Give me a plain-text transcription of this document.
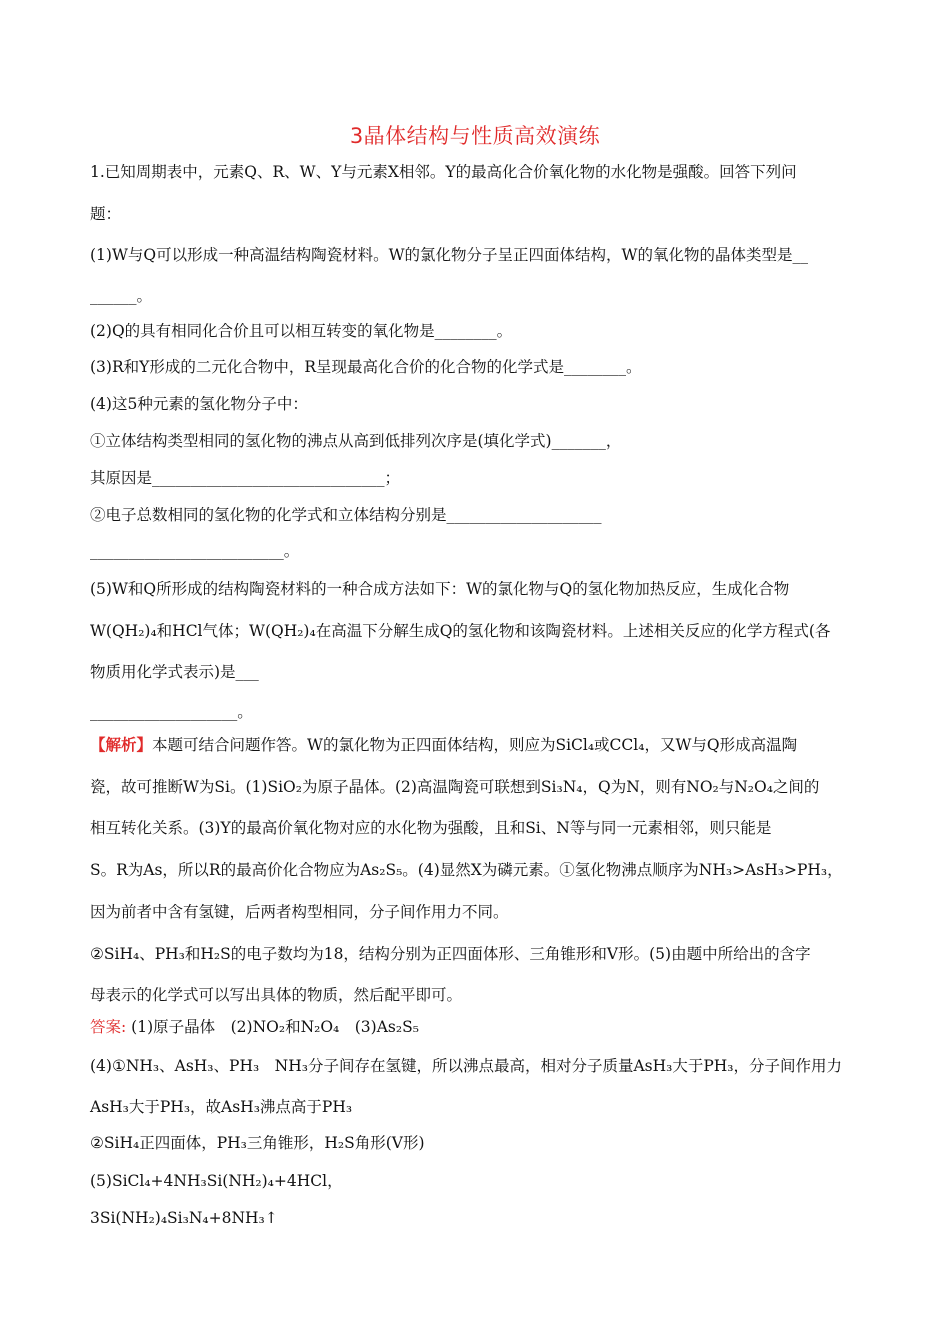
3晶体结构与性质高效演练
1.已知周期表中，元素Q、R、W、Y与元素X相邻。Y的最高化合价氧化物的水化物是强酸。回答下列问
题：
(1)W与Q可以形成一种高温结构陶瓷材料。W的氯化物分子呈正四面体结构，W的氧化物的晶体类型是__
______。
(2)Q的具有相同化合价且可以相互转变的氧化物是________。
(3)R和Y形成的二元化合物中，R呈现最高化合价的化合物的化学式是________。
(4)这5种元素的氢化物分子中：
①立体结构类型相同的氢化物的沸点从高到低排列次序是(填化学式)_______，
其原因是______________________________；
②电子总数相同的氢化物的化学式和立体结构分别是____________________
_________________________。
(5)W和Q所形成的结构陶瓷材料的一种合成方法如下：W的氯化物与Q的氢化物加热反应，生成化合物
W(QH₂)₄和HCl气体；W(QH₂)₄在高温下分解生成Q的氢化物和该陶瓷材料。上述相关反应的化学方程式(各
物质用化学式表示)是___
___________________。
【解析】本题可结合问题作答。W的氯化物为正四面体结构，则应为SiCl₄或CCl₄，又W与Q形成高温陶
瓷，故可推断W为Si。(1)SiO₂为原子晶体。(2)高温陶瓷可联想到Si₃N₄，Q为N，则有NO₂与N₂O₄之间的
相互转化关系。(3)Y的最高价氧化物对应的水化物为强酸，且和Si、N等与同一元素相邻，则只能是
S。R为As，所以R的最高价化合物应为As₂S₅。(4)显然X为磷元素。①氢化物沸点顺序为NH₃>AsH₃>PH₃，
因为前者中含有氢键，后两者构型相同，分子间作用力不同。
②SiH₄、PH₃和H₂S的电子数均为18，结构分别为正四面体形、三角锥形和V形。(5)由题中所给出的含字
母表示的化学式可以写出具体的物质，然后配平即可。
答案: (1)原子晶体　(2)NO₂和N₂O₄　(3)As₂S₅
(4)①NH₃、AsH₃、PH₃　NH₃分子间存在氢键，所以沸点最高，相对分子质量AsH₃大于PH₃，分子间作用力
AsH₃大于PH₃，故AsH₃沸点高于PH₃
②SiH₄正四面体，PH₃三角锥形，H₂S角形(V形)
(5)SiCl₄+4NH₃Si(NH₂)₄+4HCl，
3Si(NH₂)₄Si₃N₄+8NH₃↑
